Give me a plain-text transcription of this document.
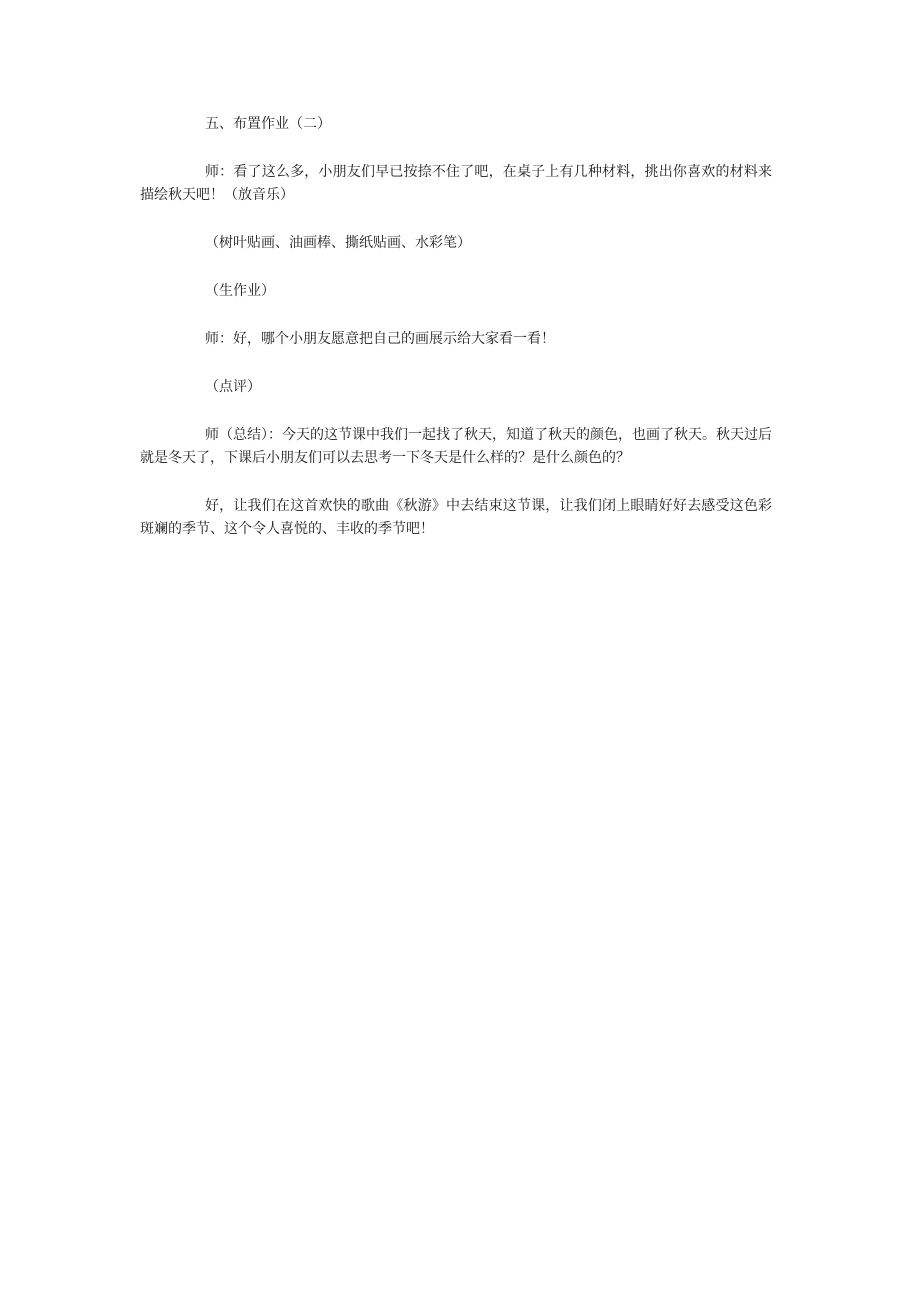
五、布置作业（二）

师：看了这么多，小朋友们早已按捺不住了吧，在桌子上有几种材料，挑出你喜欢的材料来描绘秋天吧！（放音乐）

（树叶贴画、油画棒、撕纸贴画、水彩笔）

（生作业）

师：好，哪个小朋友愿意把自己的画展示给大家看一看！

（点评）

师（总结）：今天的这节课中我们一起找了秋天，知道了秋天的颜色，也画了秋天。秋天过后就是冬天了，下课后小朋友们可以去思考一下冬天是什么样的？是什么颜色的？

好，让我们在这首欢快的歌曲《秋游》中去结束这节课，让我们闭上眼睛好好去感受这色彩斑斓的季节、这个令人喜悦的、丰收的季节吧！
